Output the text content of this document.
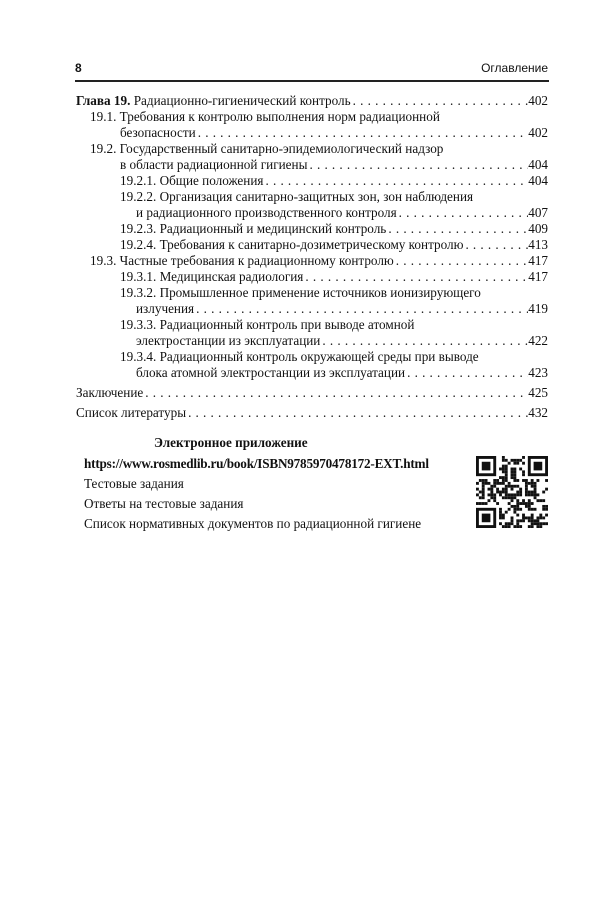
8	Оглавление
Глава 19. Радиационно-гигиенический контроль . . .	402
19.1. Требования к контролю выполнения норм радиационной
безопасности . . .	402
19.2. Государственный санитарно-эпидемиологический надзор
в области радиационной гигиены . . .	404
19.2.1. Общие положения . . .	404
19.2.2. Организация санитарно-защитных зон, зон наблюдения
и радиационного производственного контроля . . .	407
19.2.3. Радиационный и медицинский контроль . . .	409
19.2.4. Требования к санитарно-дозиметрическому контролю . . .	413
19.3. Частные требования к радиационному контролю . . .	417
19.3.1. Медицинская радиология . . .	417
19.3.2. Промышленное применение источников ионизирующего
излучения . . .	419
19.3.3. Радиационный контроль при выводе атомной
электростанции из эксплуатации . . .	422
19.3.4. Радиационный контроль окружающей среды при выводе
блока атомной электростанции из эксплуатации . . .	423
Заключение . . .	425
Список литературы . . .	432
Электронное приложение
https://www.rosmedlib.ru/book/ISBN9785970478172-EXT.html
Тестовые задания
Ответы на тестовые задания
Список нормативных документов по радиационной гигиене
